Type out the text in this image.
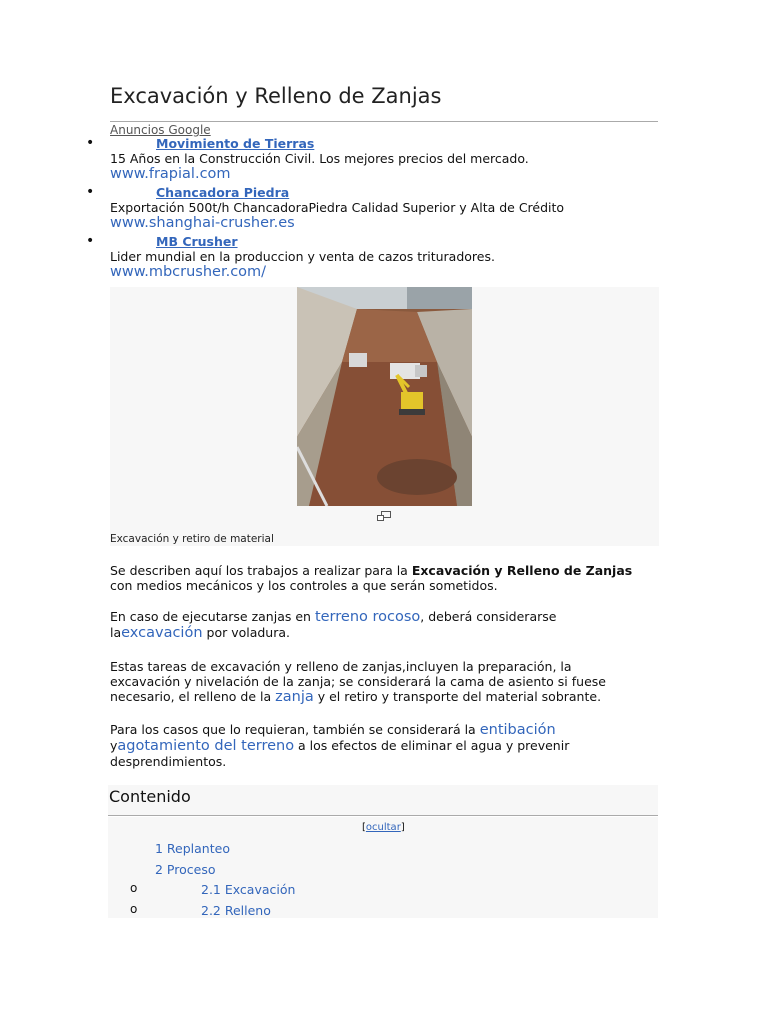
Excavación y Relleno de Zanjas
Anuncios Google
•	Movimiento de Tierras
15 Años en la Construcción Civil. Los mejores precios del mercado.
www.frapial.com
•	Chancadora Piedra
Exportación 500t/h ChancadoraPiedra Calidad Superior y Alta de Crédito
www.shanghai-crusher.es
•	MB Crusher
Lider mundial en la produccion y venta de cazos trituradores.
www.mbcrusher.com/
Excavación y retiro de material
Se describen aquí los trabajos a realizar para la Excavación y Relleno de Zanjas con medios mecánicos y los controles a que serán sometidos.
En caso de ejecutarse zanjas en terreno rocoso, deberá considerarse laexcavación por voladura.
Estas tareas de excavación y relleno de zanjas,incluyen la preparación, la excavación y nivelación de la zanja; se considerará la cama de asiento si fuese necesario, el relleno de la zanja y el retiro y transporte del material sobrante.
Para los casos que lo requieran, también se considerará la entibación yagotamiento del terreno a los efectos de eliminar el agua y prevenir desprendimientos.
Contenido
[ocultar]
1 Replanteo
2 Proceso
o	2.1 Excavación
o	2.2 Relleno
